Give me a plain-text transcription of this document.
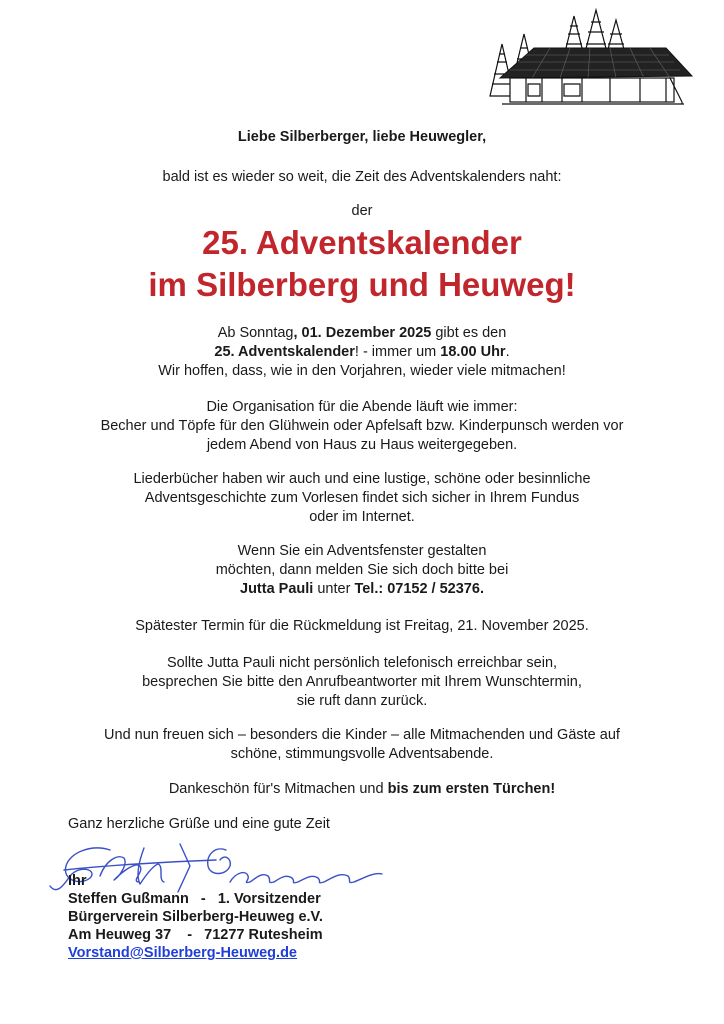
Liebe Silberberger, liebe Heuwegler,
bald ist es wieder so weit, die Zeit des Adventskalenders naht:
der
25. Adventskalender
im Silberberg und Heuweg!
Ab Sonntag, 01. Dezember 2025 gibt es den
25. Adventskalender! - immer um 18.00 Uhr.
Wir hoffen, dass, wie in den Vorjahren, wieder viele mitmachen!
Die Organisation für die Abende läuft wie immer:
Becher und Töpfe für den Glühwein oder Apfelsaft bzw. Kinderpunsch werden vor
jedem Abend von Haus zu Haus weitergegeben.
Liederbücher haben wir auch und eine lustige, schöne oder besinnliche
Adventsgeschichte zum Vorlesen findet sich sicher in Ihrem Fundus
oder im Internet.
Wenn Sie ein Adventsfenster gestalten
möchten, dann melden Sie sich doch bitte bei
Jutta Pauli unter Tel.: 07152 / 52376.
Spätester Termin für die Rückmeldung ist Freitag, 21. November 2025.
Sollte Jutta Pauli nicht persönlich telefonisch erreichbar sein,
besprechen Sie bitte den Anrufbeantworter mit Ihrem Wunschtermin,
sie ruft dann zurück.
Und nun freuen sich – besonders die Kinder – alle Mitmachenden und Gäste auf
schöne, stimmungsvolle Adventsabende.
Dankeschön für's Mitmachen und bis zum ersten Türchen!
Ganz herzliche Grüße und eine gute Zeit
Ihr
Steffen Gußmann   -   1. Vorsitzender
Bürgerverein Silberberg-Heuweg e.V.
Am Heuweg 37    -   71277 Rutesheim
Vorstand@Silberberg-Heuweg.de
